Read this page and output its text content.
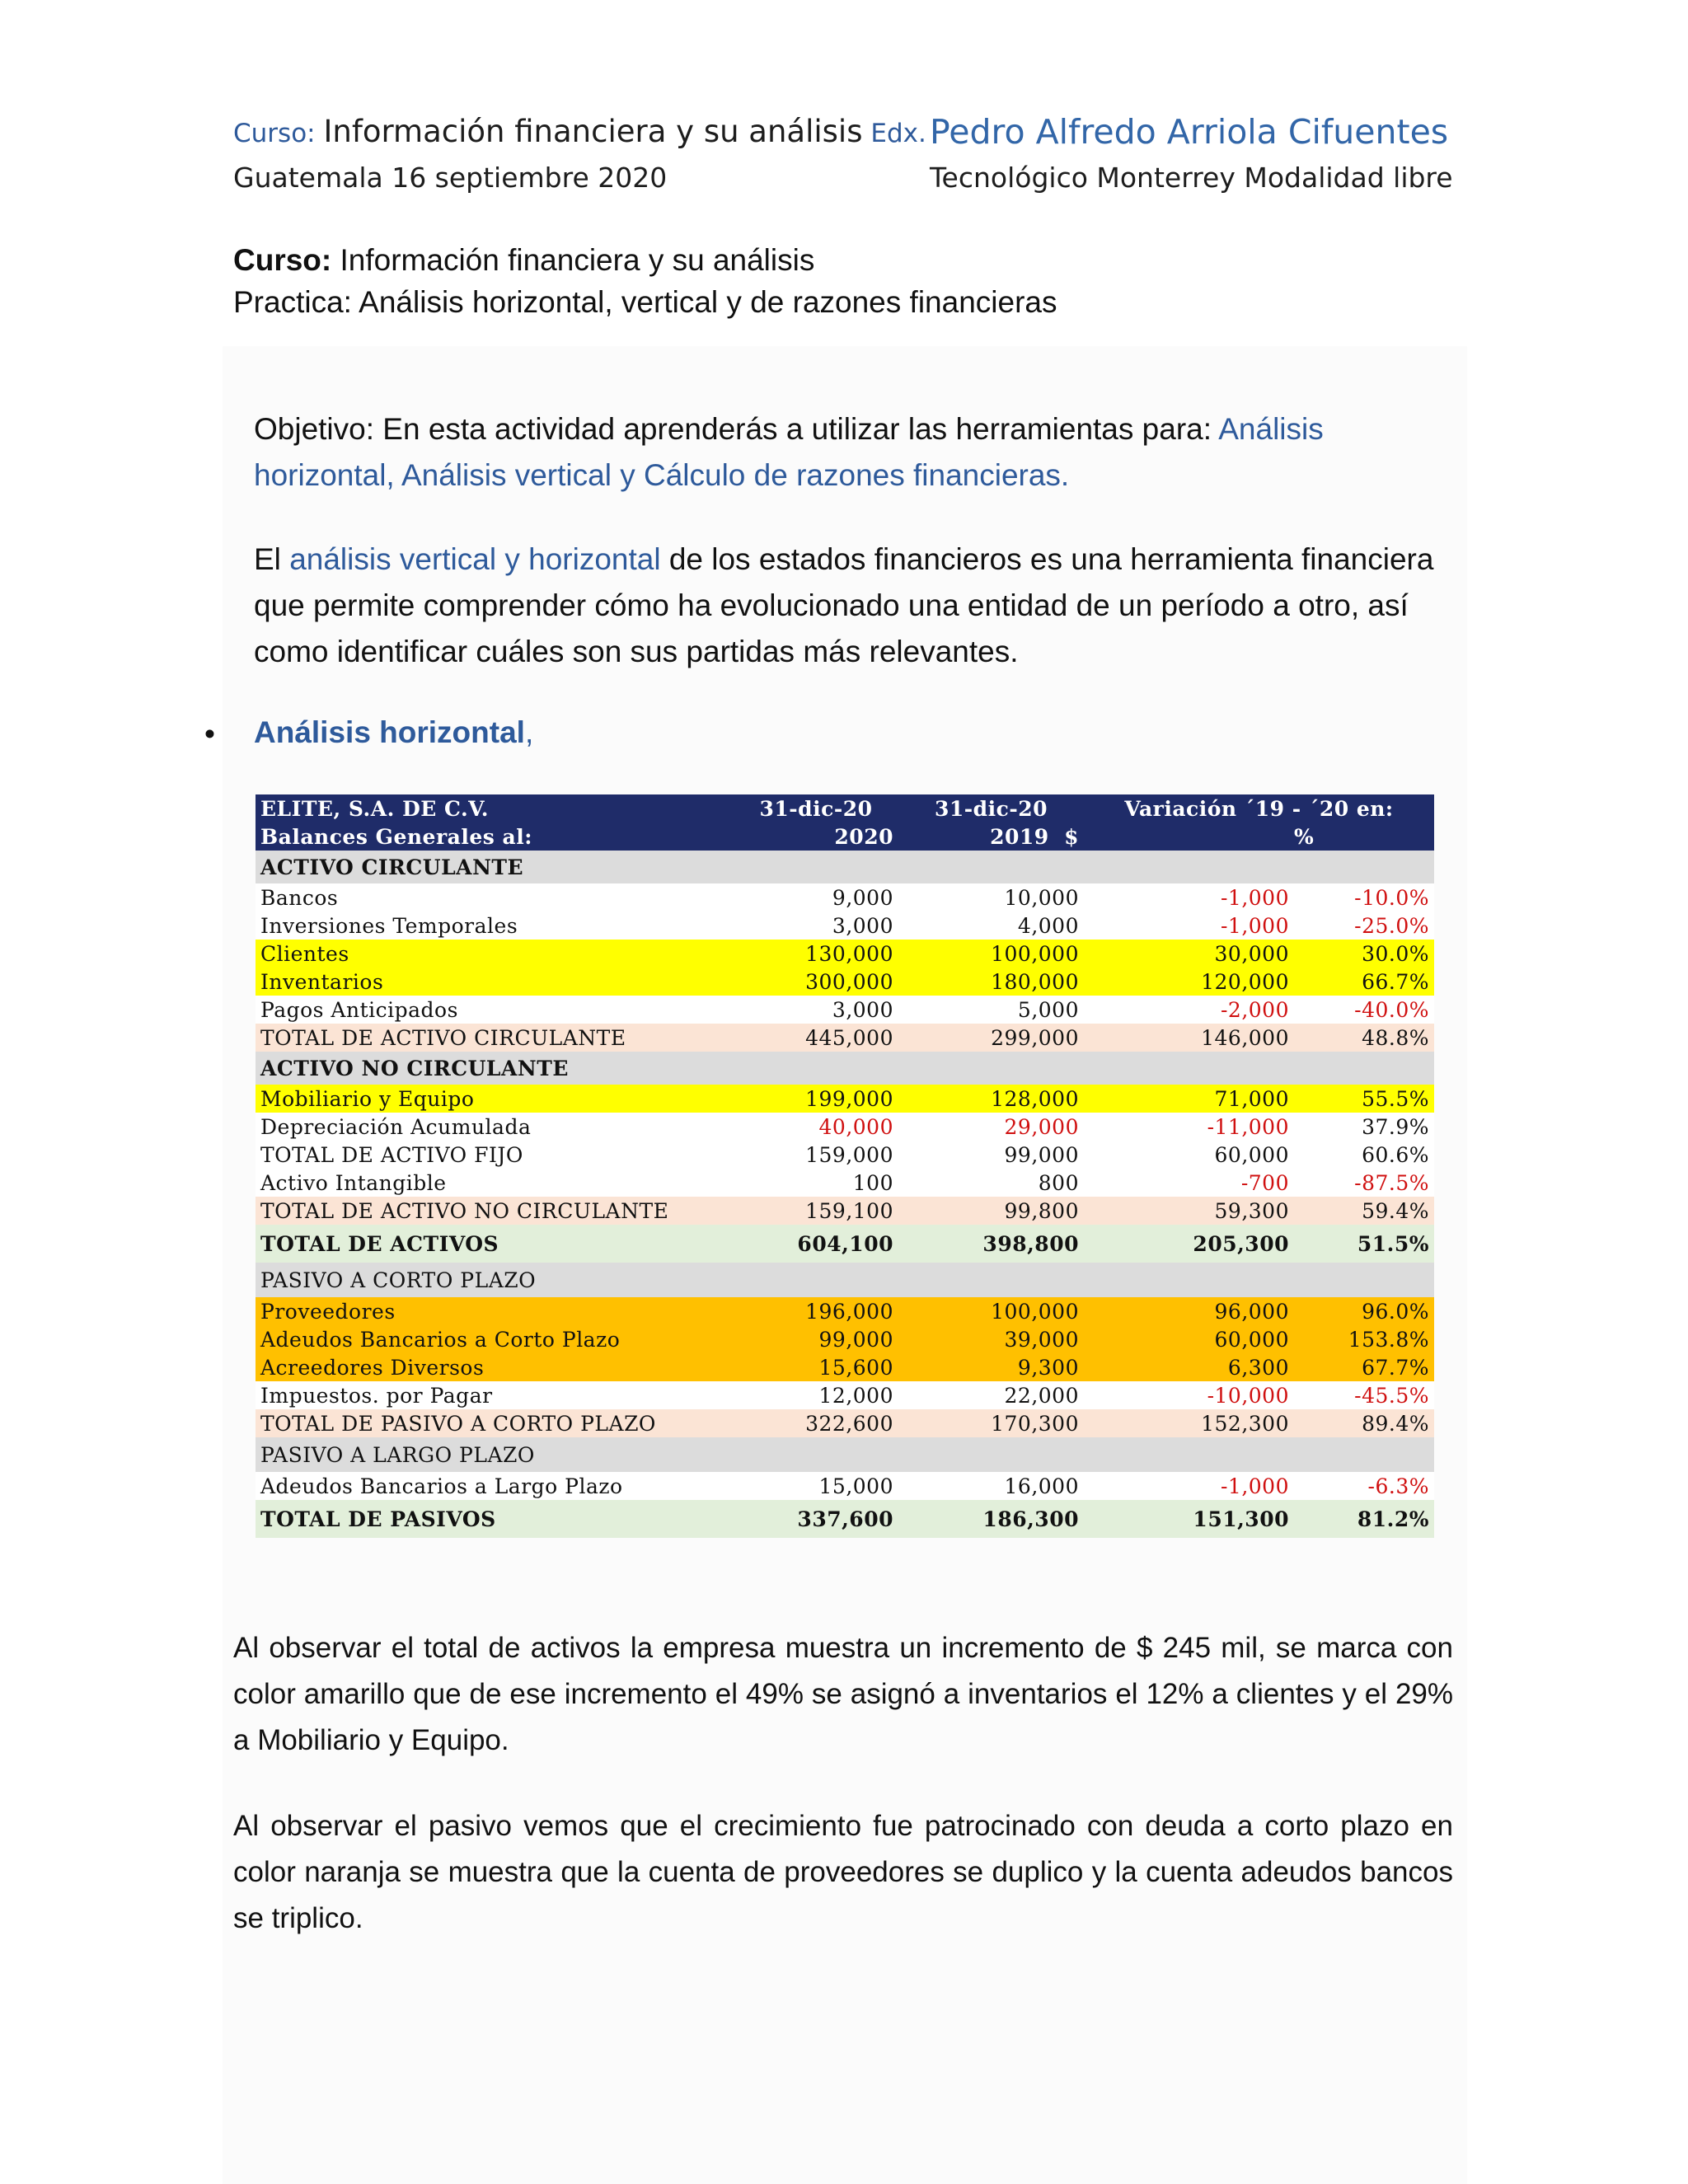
Curso: Información financiera y su análisis Edx.
Guatemala 16 septiembre 2020
Pedro Alfredo Arriola Cifuentes
Tecnológico Monterrey Modalidad libre
Curso: Información financiera y su análisis
Practica: Análisis horizontal, vertical y de razones financieras
Objetivo: En esta actividad aprenderás a utilizar las herramientas para: Análisis horizontal, Análisis vertical y Cálculo de razones financieras.
El análisis vertical y horizontal de los estados financieros es una herramienta financiera que permite comprender cómo ha evolucionado una entidad de un período a otro, así como identificar cuáles son sus partidas más relevantes.
• Análisis horizontal,
ELITE, S.A. DE C.V.	31-dic-20	31-dic-20	Variación ´19 - ´20 en:	
Balances Generales al:	2020	2019 $		%
ACTIVO CIRCULANTE				
Bancos	9,000	10,000	-1,000	-10.0%
Inversiones Temporales	3,000	4,000	-1,000	-25.0%
Clientes	130,000	100,000	30,000	30.0%
Inventarios	300,000	180,000	120,000	66.7%
Pagos Anticipados	3,000	5,000	-2,000	-40.0%
TOTAL DE ACTIVO CIRCULANTE	445,000	299,000	146,000	48.8%
ACTIVO NO CIRCULANTE				
Mobiliario y Equipo	199,000	128,000	71,000	55.5%
Depreciación Acumulada	40,000	29,000	-11,000	37.9%
TOTAL DE ACTIVO FIJO	159,000	99,000	60,000	60.6%
Activo Intangible	100	800	-700	-87.5%
TOTAL DE ACTIVO NO CIRCULANTE	159,100	99,800	59,300	59.4%
TOTAL DE ACTIVOS	604,100	398,800	205,300	51.5%
PASIVO A CORTO PLAZO				
Proveedores	196,000	100,000	96,000	96.0%
Adeudos Bancarios a Corto Plazo	99,000	39,000	60,000	153.8%
Acreedores Diversos	15,600	9,300	6,300	67.7%
Impuestos. por Pagar	12,000	22,000	-10,000	-45.5%
TOTAL DE PASIVO A CORTO PLAZO	322,600	170,300	152,300	89.4%
PASIVO A LARGO PLAZO				
Adeudos Bancarios a Largo Plazo	15,000	16,000	-1,000	-6.3%
TOTAL DE PASIVOS	337,600	186,300	151,300	81.2%
Al observar el total de activos la empresa muestra un incremento de $ 245 mil, se marca con color amarillo que de ese incremento el 49% se asignó a inventarios el 12% a clientes y el 29% a Mobiliario y Equipo.
Al observar el pasivo vemos que el crecimiento fue patrocinado con deuda a corto plazo en color naranja se muestra que la cuenta de proveedores se duplico y la cuenta adeudos bancos se triplico.
